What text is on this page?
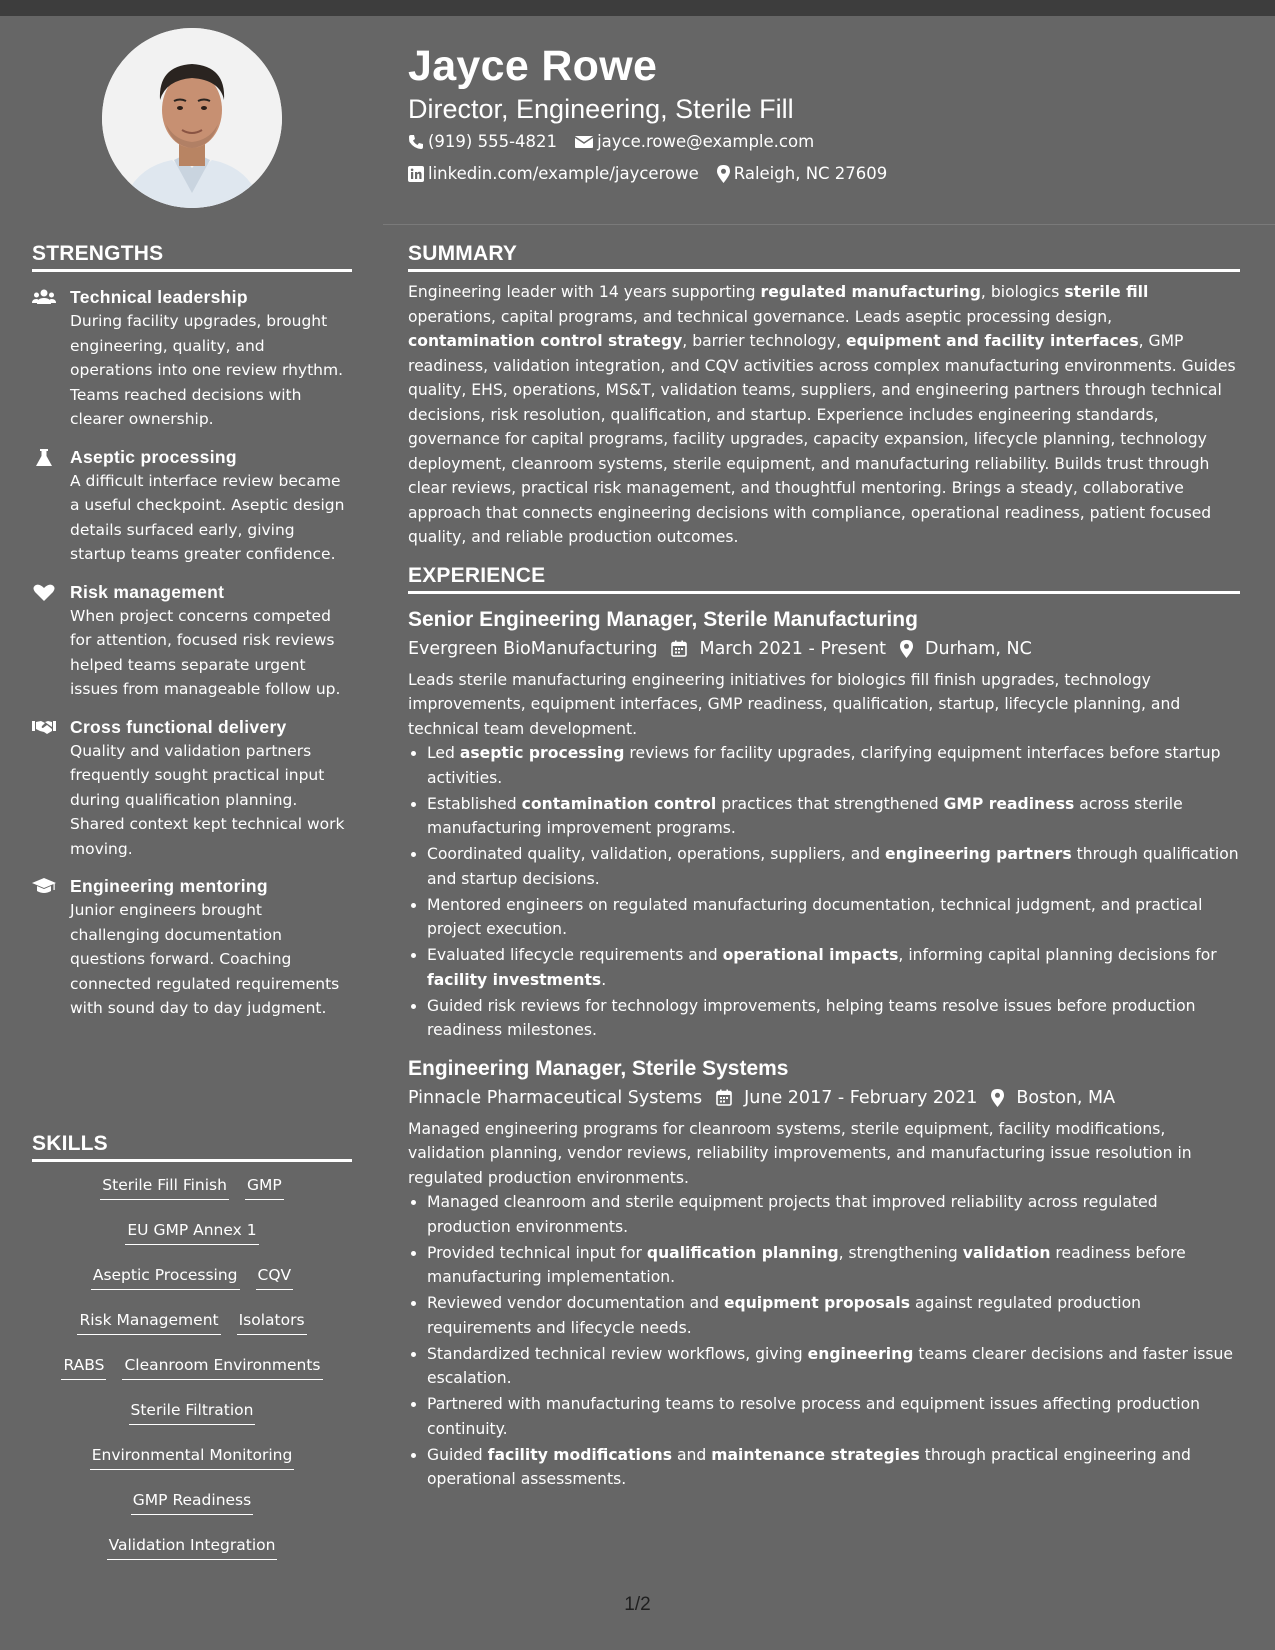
STRENGTHS
Technical leadership
During facility upgrades, brought engineering, quality, and operations into one review rhythm. Teams reached decisions with clearer ownership.
Aseptic processing
A difficult interface review became a useful checkpoint. Aseptic design details surfaced early, giving startup teams greater confidence.
Risk management
When project concerns competed for attention, focused risk reviews helped teams separate urgent issues from manageable follow up.
Cross functional delivery
Quality and validation partners frequently sought practical input during qualification planning. Shared context kept technical work moving.
Engineering mentoring
Junior engineers brought challenging documentation questions forward. Coaching connected regulated requirements with sound day to day judgment.
SKILLS
Sterile Fill Finish GMP
EU GMP Annex 1
Aseptic Processing CQV
Risk Management Isolators
RABS Cleanroom Environments
Sterile Filtration
Environmental Monitoring
GMP Readiness
Validation Integration
Jayce Rowe
Director, Engineering, Sterile Fill
(919) 555-4821 jayce.rowe@example.com
linkedin.com/example/jaycerowe Raleigh, NC 27609
SUMMARY

Engineering leader with 14 years supporting regulated manufacturing, biologics sterile fill operations, capital programs, and technical governance. Leads aseptic processing design, contamination control strategy, barrier technology, equipment and facility interfaces, GMP readiness, validation integration, and CQV activities across complex manufacturing environments. Guides quality, EHS, operations, MS&T, validation teams, suppliers, and engineering partners through technical decisions, risk resolution, qualification, and startup. Experience includes engineering standards, governance for capital programs, facility upgrades, capacity expansion, lifecycle planning, technology deployment, cleanroom systems, sterile equipment, and manufacturing reliability. Builds trust through clear reviews, practical risk management, and thoughtful mentoring. Brings a steady, collaborative approach that connects engineering decisions with compliance, operational readiness, patient focused quality, and reliable production outcomes.

EXPERIENCE
Senior Engineering Manager, Sterile Manufacturing
Evergreen BioManufacturing March 2021 - Present Durham, NC

Leads sterile manufacturing engineering initiatives for biologics fill finish upgrades, technology improvements, equipment interfaces, GMP readiness, qualification, startup, lifecycle planning, and technical team development.

• Led aseptic processing reviews for facility upgrades, clarifying equipment interfaces before startup activities.
• Established contamination control practices that strengthened GMP readiness across sterile manufacturing improvement programs.
• Coordinated quality, validation, operations, suppliers, and engineering partners through qualification and startup decisions.
• Mentored engineers on regulated manufacturing documentation, technical judgment, and practical project execution.
• Evaluated lifecycle requirements and operational impacts, informing capital planning decisions for facility investments.
• Guided risk reviews for technology improvements, helping teams resolve issues before production readiness milestones.
Engineering Manager, Sterile Systems
Pinnacle Pharmaceutical Systems June 2017 - February 2021 Boston, MA

Managed engineering programs for cleanroom systems, sterile equipment, facility modifications, validation planning, vendor reviews, reliability improvements, and manufacturing issue resolution in regulated production environments.

• Managed cleanroom and sterile equipment projects that improved reliability across regulated production environments.
• Provided technical input for qualification planning, strengthening validation readiness before manufacturing implementation.
• Reviewed vendor documentation and equipment proposals against regulated production requirements and lifecycle needs.
• Standardized technical review workflows, giving engineering teams clearer decisions and faster issue escalation.
• Partnered with manufacturing teams to resolve process and equipment issues affecting production continuity.
• Guided facility modifications and maintenance strategies through practical engineering and operational assessments.
1/2
